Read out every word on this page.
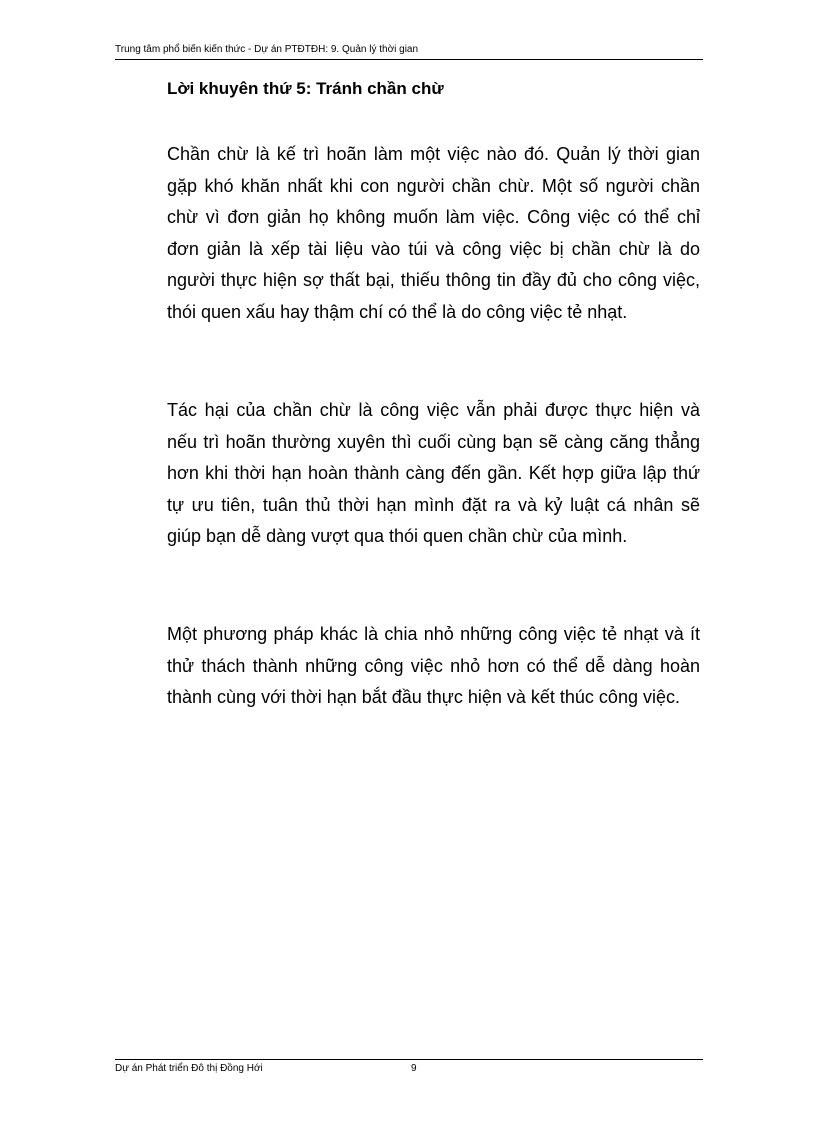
Trung tâm phổ biến kiến thức - Dự án PTĐTĐH: 9. Quản lý thời gian
Lời khuyên thứ 5: Tránh chần chừ

Chần chừ là kế trì hoãn làm một việc nào đó. Quản lý thời gian gặp khó khăn nhất khi con người chần chừ. Một số người chần chừ vì đơn giản họ không muốn làm việc. Công việc có thể chỉ đơn giản là xếp tài liệu vào túi và công việc bị chần chừ là do người thực hiện sợ thất bại, thiếu thông tin đầy đủ cho công việc, thói quen xấu hay thậm chí có thể là do công việc tẻ nhạt.

Tác hại của chần chừ là công việc vẫn phải được thực hiện và nếu trì hoãn thường xuyên thì cuối cùng bạn sẽ càng căng thẳng hơn khi thời hạn hoàn thành càng đến gần. Kết hợp giữa lập thứ tự ưu tiên, tuân thủ thời hạn mình đặt ra và kỷ luật cá nhân sẽ giúp bạn dễ dàng vượt qua thói quen chần chừ của mình.

Một phương pháp khác là chia nhỏ những công việc tẻ nhạt và ít thử thách thành những công việc nhỏ hơn có thể dễ dàng hoàn thành cùng với thời hạn bắt đầu thực hiện và kết thúc công việc.

Dự án Phát triển Đô thị Đồng Hới	9
